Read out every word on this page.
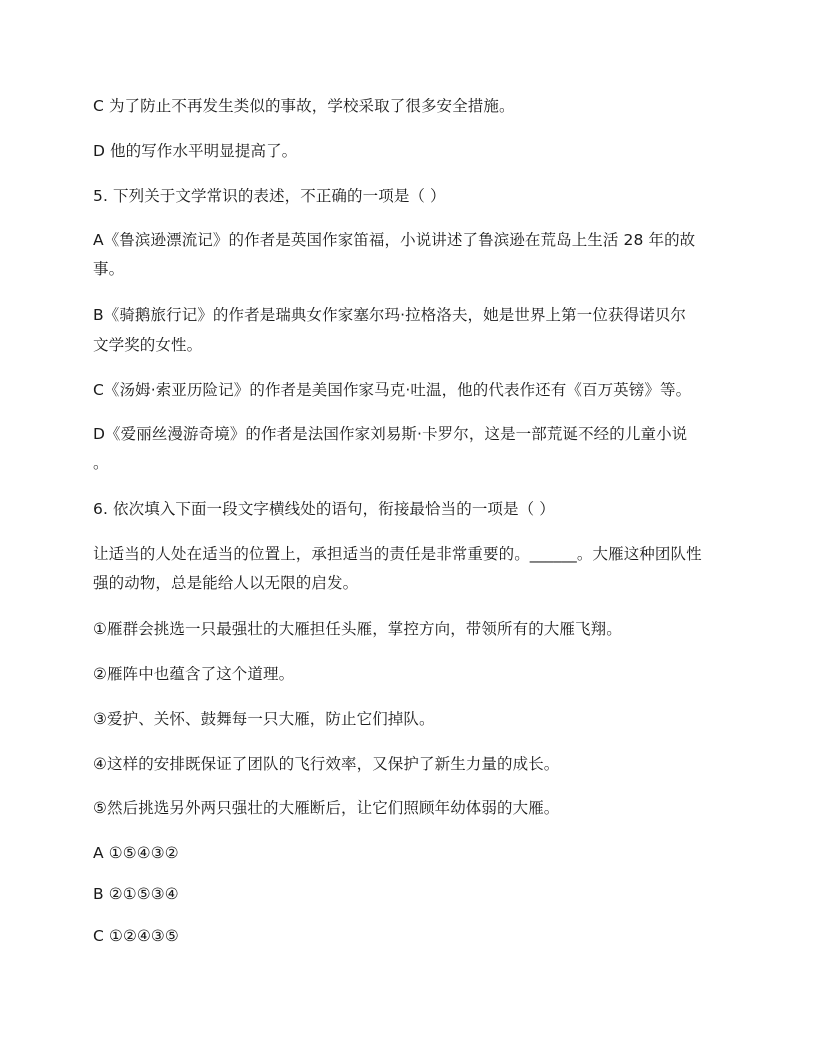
C 为了防止不再发生类似的事故，学校采取了很多安全措施。
D 他的写作水平明显提高了。
5. 下列关于文学常识的表述，不正确的一项是（ ）
A《鲁滨逊漂流记》的作者是英国作家笛福，小说讲述了鲁滨逊在荒岛上生活 28 年的故
事。
B《骑鹅旅行记》的作者是瑞典女作家塞尔玛·拉格洛夫，她是世界上第一位获得诺贝尔
文学奖的女性。
C《汤姆·索亚历险记》的作者是美国作家马克·吐温，他的代表作还有《百万英镑》等。
D《爱丽丝漫游奇境》的作者是法国作家刘易斯·卡罗尔，这是一部荒诞不经的儿童小说
。
6. 依次填入下面一段文字横线处的语句，衔接最恰当的一项是（ ）
让适当的人处在适当的位置上，承担适当的责任是非常重要的。______。大雁这种团队性
强的动物，总是能给人以无限的启发。
①雁群会挑选一只最强壮的大雁担任头雁，掌控方向，带领所有的大雁飞翔。
②雁阵中也蕴含了这个道理。
③爱护、关怀、鼓舞每一只大雁，防止它们掉队。
④这样的安排既保证了团队的飞行效率，又保护了新生力量的成长。
⑤然后挑选另外两只强壮的大雁断后，让它们照顾年幼体弱的大雁。
A ①⑤④③②
B ②①⑤③④
C ①②④③⑤
